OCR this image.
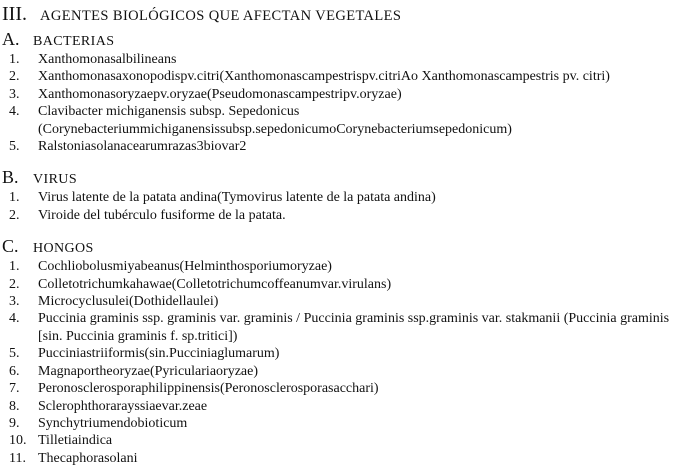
III. AGENTES BIOLÓGICOS QUE AFECTAN VEGETALES
A. BACTERIAS
1.	Xanthomonasalbilineans
2.	Xanthomonasaxonopodispv.citri(Xanthomonascampestrispv.citriAo Xanthomonascampestris pv. citri)
3.	Xanthomonasoryzaepv.oryzae(Pseudomonascampestripv.oryzae)
4.	Clavibacter michiganensis subsp. Sepedonicus (Corynebacteriummichiganensissubsp.sepedonicumoCorynebacteriumsepedonicum)
5.	Ralstoniasolanacearumrazas3biovar2
B. VIRUS
1.	Virus latente de la patata andina(Tymovirus latente de la patata andina)
2.	Viroide del tubérculo fusiforme de la patata.
C. HONGOS
1.	Cochliobolusmiyabeanus(Helminthosporiumoryzae)
2.	Colletotrichumkahawae(Colletotrichumcoffeanumvar.virulans)
3.	Microcyclusulei(Dothidellaulei)
4.	Puccinia graminis ssp. graminis var. graminis / Puccinia graminis ssp.graminis var. stakmanii (Puccinia graminis [sin. Puccinia graminis f. sp.tritici])
5.	Pucciniastriiformis(sin.Pucciniaglumarum)
6.	Magnaportheoryzae(Pyriculariaoryzae)
7.	Peronosclerosporaphilippinensis(Peronosclerosporasacchari)
8.	Sclerophthorarayssiaevar.zeae
9.	Synchytriumendobioticum
10. Tilletiaindica
11. Thecaphorasolani
